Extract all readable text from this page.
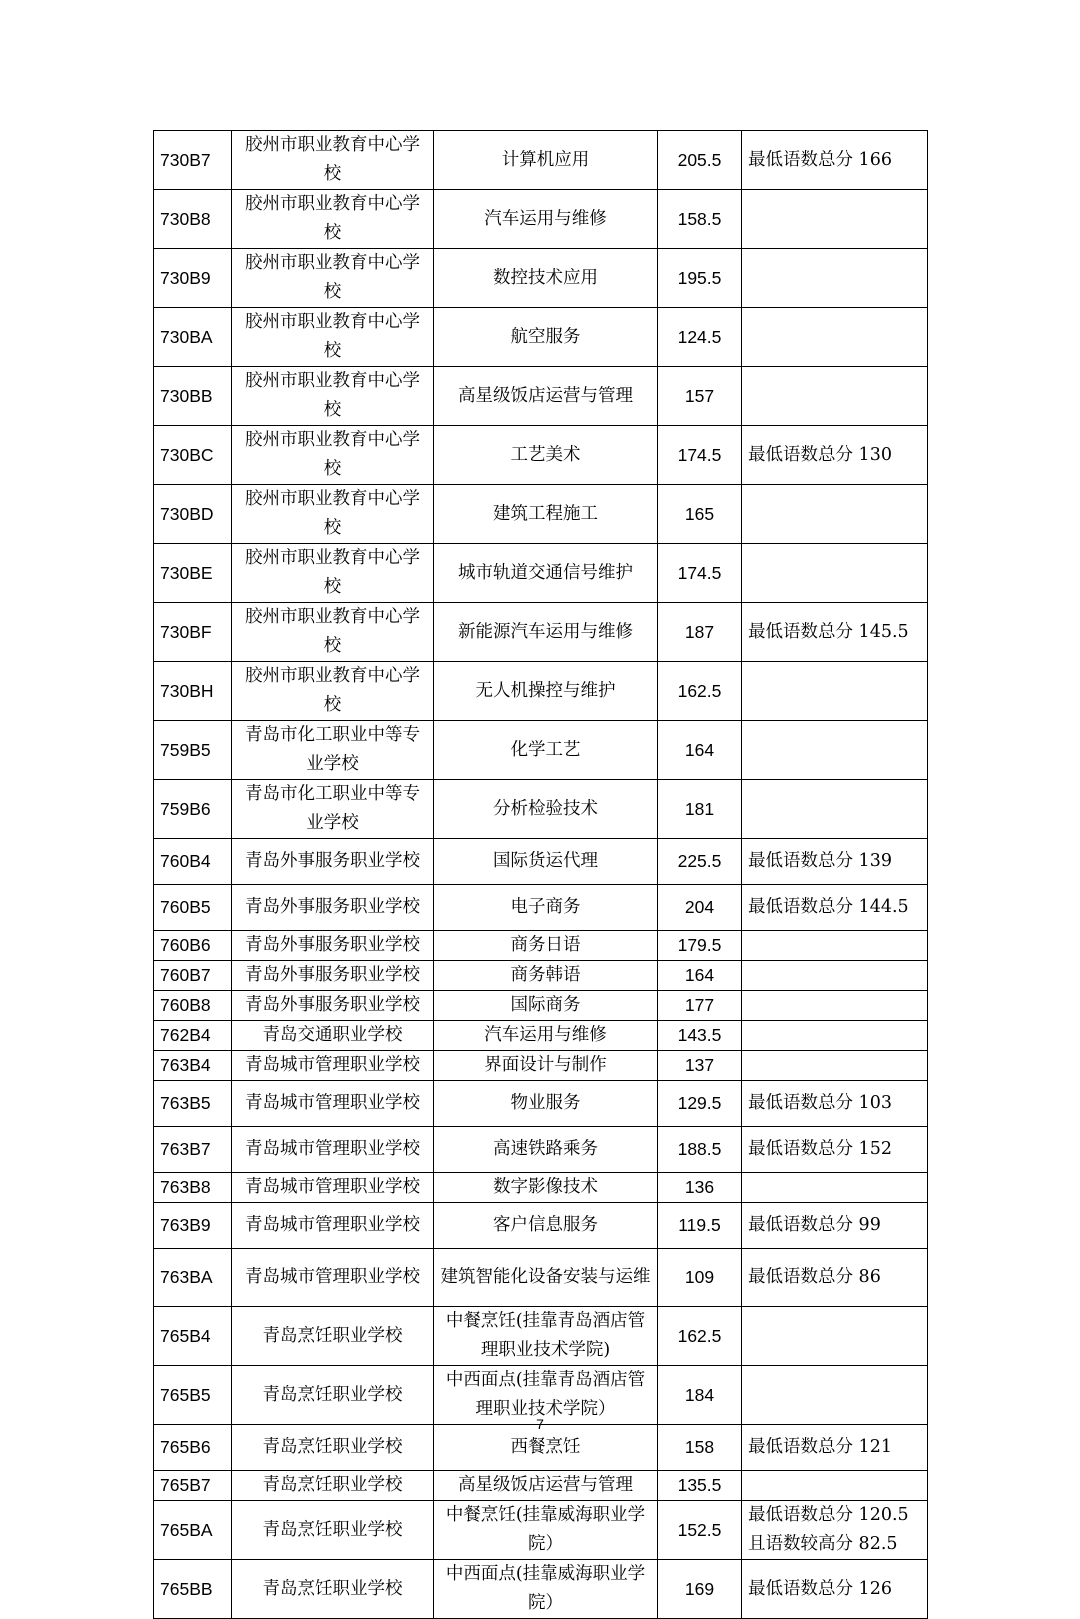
730B7	胶州市职业教育中心学校	计算机应用	205.5	最低语数总分 166
730B8	胶州市职业教育中心学校	汽车运用与维修	158.5	
730B9	胶州市职业教育中心学校	数控技术应用	195.5	
730BA	胶州市职业教育中心学校	航空服务	124.5	
730BB	胶州市职业教育中心学校	高星级饭店运营与管理	157	
730BC	胶州市职业教育中心学校	工艺美术	174.5	最低语数总分 130
730BD	胶州市职业教育中心学校	建筑工程施工	165	
730BE	胶州市职业教育中心学校	城市轨道交通信号维护	174.5	
730BF	胶州市职业教育中心学校	新能源汽车运用与维修	187	最低语数总分 145.5
730BH	胶州市职业教育中心学校	无人机操控与维护	162.5	
759B5	青岛市化工职业中等专业学校	化学工艺	164	
759B6	青岛市化工职业中等专业学校	分析检验技术	181	
760B4	青岛外事服务职业学校	国际货运代理	225.5	最低语数总分 139
760B5	青岛外事服务职业学校	电子商务	204	最低语数总分 144.5
760B6	青岛外事服务职业学校	商务日语	179.5	
760B7	青岛外事服务职业学校	商务韩语	164	
760B8	青岛外事服务职业学校	国际商务	177	
762B4	青岛交通职业学校	汽车运用与维修	143.5	
763B4	青岛城市管理职业学校	界面设计与制作	137	
763B5	青岛城市管理职业学校	物业服务	129.5	最低语数总分 103
763B7	青岛城市管理职业学校	高速铁路乘务	188.5	最低语数总分 152
763B8	青岛城市管理职业学校	数字影像技术	136	
763B9	青岛城市管理职业学校	客户信息服务	119.5	最低语数总分 99
763BA	青岛城市管理职业学校	建筑智能化设备安装与运维	109	最低语数总分 86
765B4	青岛烹饪职业学校	中餐烹饪(挂靠青岛酒店管理职业技术学院)	162.5	
765B5	青岛烹饪职业学校	中西面点(挂靠青岛酒店管理职业技术学院）	184	
765B6	青岛烹饪职业学校	西餐烹饪	158	最低语数总分 121
765B7	青岛烹饪职业学校	高星级饭店运营与管理	135.5	
765BA	青岛烹饪职业学校	中餐烹饪(挂靠威海职业学院）	152.5	最低语数总分 120.5
且语数较高分 82.5
765BB	青岛烹饪职业学校	中西面点(挂靠威海职业学院）	169	最低语数总分 126
7
